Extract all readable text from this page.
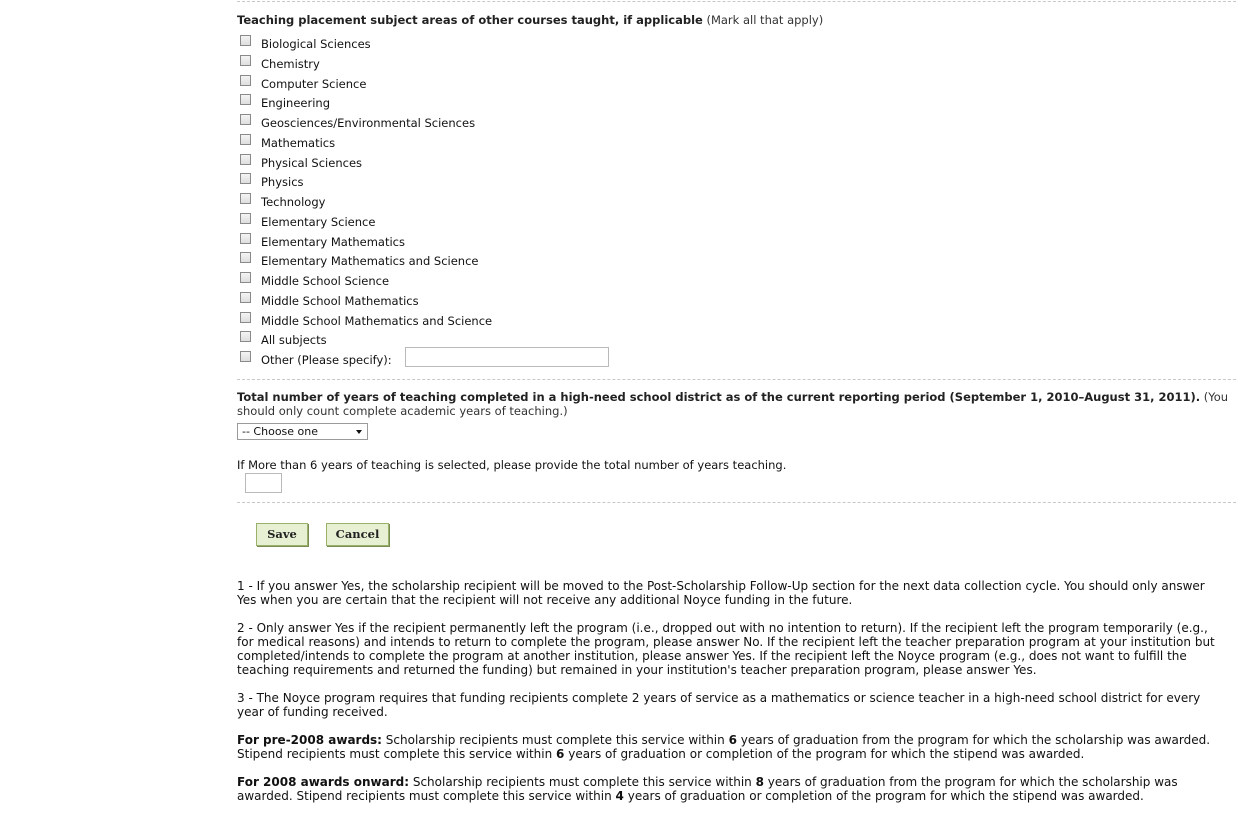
Teaching placement subject areas of other courses taught, if applicable (Mark all that apply)
Biological Sciences
Chemistry
Computer Science
Engineering
Geosciences/Environmental Sciences
Mathematics
Physical Sciences
Physics
Technology
Elementary Science
Elementary Mathematics
Elementary Mathematics and Science
Middle School Science
Middle School Mathematics
Middle School Mathematics and Science
All subjects
Other (Please specify):
Total number of years of teaching completed in a high-need school district as of the current reporting period (September 1, 2010–August 31, 2011). (You
should only count complete academic years of teaching.)
-- Choose one
If More than 6 years of teaching is selected, please provide the total number of years teaching.
Save	Cancel

1 - If you answer Yes, the scholarship recipient will be moved to the Post-Scholarship Follow-Up section for the next data collection cycle. You should only answer Yes when you are certain that the recipient will not receive any additional Noyce funding in the future.

2 - Only answer Yes if the recipient permanently left the program (i.e., dropped out with no intention to return). If the recipient left the program temporarily (e.g., for medical reasons) and intends to return to complete the program, please answer No. If the recipient left the teacher preparation program at your institution but completed/intends to complete the program at another institution, please answer Yes. If the recipient left the Noyce program (e.g., does not want to fulfill the teaching requirements and returned the funding) but remained in your institution's teacher preparation program, please answer Yes.

3 - The Noyce program requires that funding recipients complete 2 years of service as a mathematics or science teacher in a high-need school district for every year of funding received.

For pre-2008 awards: Scholarship recipients must complete this service within 6 years of graduation from the program for which the scholarship was awarded. Stipend recipients must complete this service within 6 years of graduation or completion of the program for which the stipend was awarded.

For 2008 awards onward: Scholarship recipients must complete this service within 8 years of graduation from the program for which the scholarship was awarded. Stipend recipients must complete this service within 4 years of graduation or completion of the program for which the stipend was awarded.
